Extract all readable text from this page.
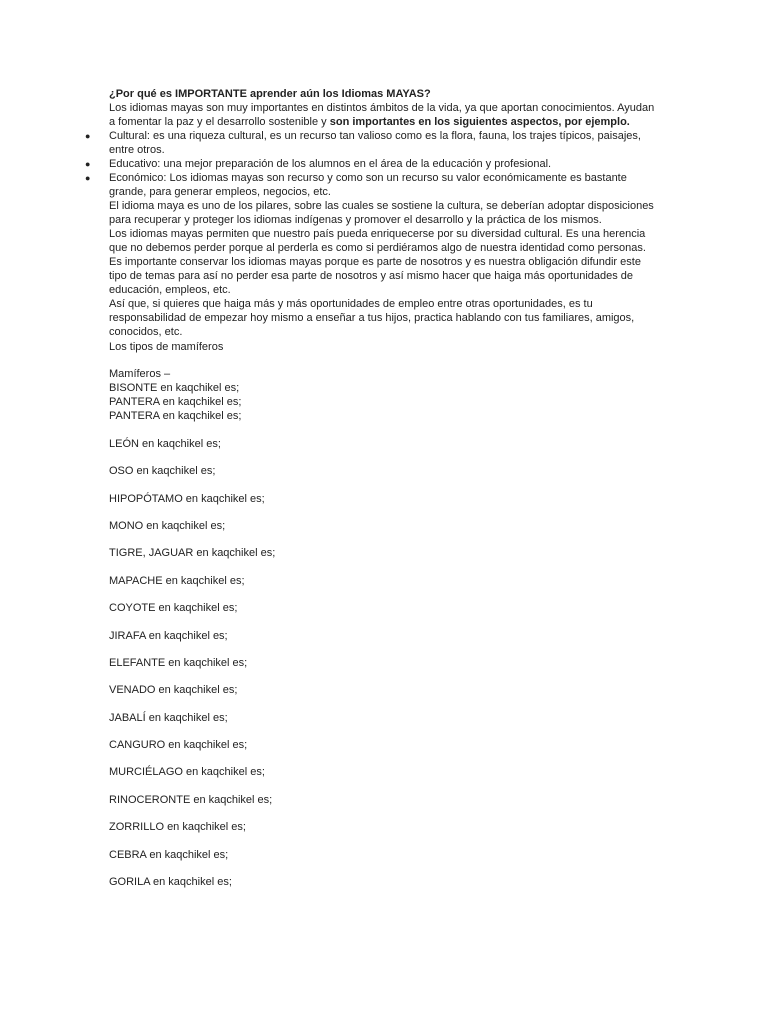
¿Por qué es IMPORTANTE aprender aún los Idiomas MAYAS?

Los idiomas mayas son muy importantes en distintos ámbitos de la vida, ya que aportan conocimientos. Ayudan a fomentar la paz y el desarrollo sostenible y son importantes en los siguientes aspectos, por ejemplo.

● Cultural: es una riqueza cultural, es un recurso tan valioso como es la flora, fauna, los trajes típicos, paisajes, entre otros.

● Educativo: una mejor preparación de los alumnos en el área de la educación y profesional.

● Económico: Los idiomas mayas son recurso y como son un recurso su valor económicamente es bastante grande, para generar empleos, negocios, etc.

El idioma maya es uno de los pilares, sobre las cuales se sostiene la cultura, se deberían adoptar disposiciones para recuperar y proteger los idiomas indígenas y promover el desarrollo y la práctica de los mismos.

Los idiomas mayas permiten que nuestro país pueda enriquecerse por su diversidad cultural. Es una herencia que no debemos perder porque al perderla es como si perdiéramos algo de nuestra identidad como personas.

Es importante conservar los idiomas mayas porque es parte de nosotros y es nuestra obligación difundir este tipo de temas para así no perder esa parte de nosotros y así mismo hacer que haiga más oportunidades de educación, empleos, etc.

Así que, si quieres que haiga más y más oportunidades de empleo entre otras oportunidades, es tu responsabilidad de empezar hoy mismo a enseñar a tus hijos, practica hablando con tus familiares, amigos, conocidos, etc.

Los tipos de mamíferos

Mamíferos –

BISONTE en kaqchikel es;

PANTERA en kaqchikel es;

PANTERA en kaqchikel es;

LEÓN en kaqchikel es;

OSO en kaqchikel es;

HIPOPÓTAMO en kaqchikel es;

MONO en kaqchikel es;

TIGRE, JAGUAR en kaqchikel es;

MAPACHE en kaqchikel es;

COYOTE en kaqchikel es;

JIRAFA en kaqchikel es;

ELEFANTE en kaqchikel es;

VENADO en kaqchikel es;

JABALÍ en kaqchikel es;

CANGURO en kaqchikel es;

MURCIÉLAGO en kaqchikel es;

RINOCERONTE en kaqchikel es;

ZORRILLO en kaqchikel es;

CEBRA en kaqchikel es;

GORILA en kaqchikel es;
